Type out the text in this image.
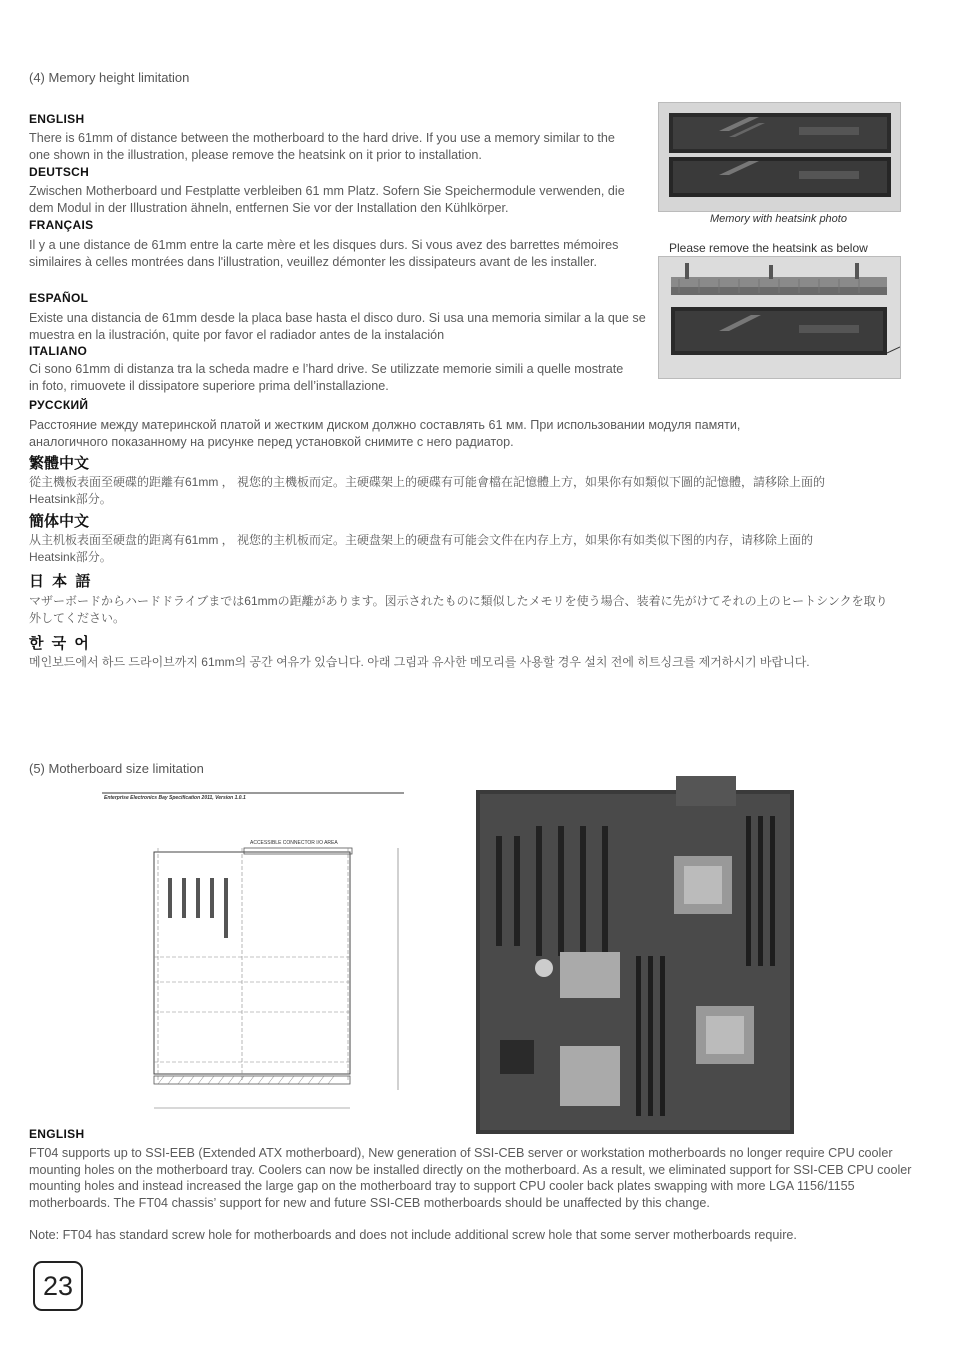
(4) Memory height limitation
ENGLISH
There is 61mm of distance between the motherboard to the hard drive. If you use a memory similar to the one shown in the illustration, please remove the heatsink on it prior to installation.
DEUTSCH
Zwischen Motherboard und Festplatte verbleiben 61 mm Platz. Sofern Sie Speichermodule verwenden, die dem Modul in der Illustration ähneln, entfernen Sie vor der Installation den Kühlkörper.
FRANÇAIS
Il y a une distance de 61mm entre la carte mère et les disques durs. Si vous avez des barrettes mémoires similaires à celles montrées dans l'illustration, veuillez démonter les dissipateurs avant de les installer.
ESPAÑOL
Existe una distancia de 61mm desde la placa base hasta el disco duro. Si usa una memoria similar a la que se muestra en la ilustración, quite por favor el radiador antes de la instalación
ITALIANO
Ci sono 61mm di distanza tra la scheda madre e l’hard drive. Se utilizzate memorie simili a quelle mostrate in foto, rimuovete il dissipatore superiore prima dell’installazione.
РУССКИЙ
Расстояние между материнской платой и жестким диском должно составлять 61 мм. При использовании модуля памяти, аналогичного показанному на рисунке перед установкой снимите с него радиатор.
繁體中文
從主機板表面至硬碟的距離有61mm ， 視您的主機板而定。主硬碟架上的硬碟有可能會檔在記憶體上方，如果你有如類似下圖的記憶體，請移除上面的Heatsink部分。
簡体中文
从主机板表面至硬盘的距离有61mm ， 视您的主机板而定。主硬盘架上的硬盘有可能会文件在内存上方，如果你有如类似下图的内存，请移除上面的Heatsink部分。
日 本 語
マザーボードからハードドライブまでは61mmの距離があります。図示されたものに類似したメモリを使う場合、装着に先がけてそれの上のヒートシンクを取り外してください。
한 국 어
메인보드에서 하드 드라이브까지 61mm의 공간 여유가 있습니다. 아래 그림과 유사한 메모리를 사용할 경우 설치 전에 히트싱크를 제거하시기 바랍니다.
Memory with heatsink photo
Please remove the heatsink as below
(5) Motherboard size limitation
Enterprise Electronics Bay Specification 2011, Version 1.0.1
ACCESSIBLE CONNECTOR I/O AREA
ENGLISH
FT04 supports up to SSI-EEB (Extended ATX motherboard), New generation of SSI-CEB server or workstation motherboards no longer require CPU cooler mounting holes on the motherboard tray. Coolers can now be installed directly on the motherboard. As a result, we eliminated support for SSI-CEB CPU cooler mounting holes and instead increased the large gap on the motherboard tray to support CPU cooler back plates swapping with more LGA 1156/1155 motherboards. The FT04 chassis’ support for new and future SSI-CEB motherboards should be unaffected by this change.
Note: FT04 has standard screw hole for motherboards and does not include additional screw hole that some server motherboards require.
23
